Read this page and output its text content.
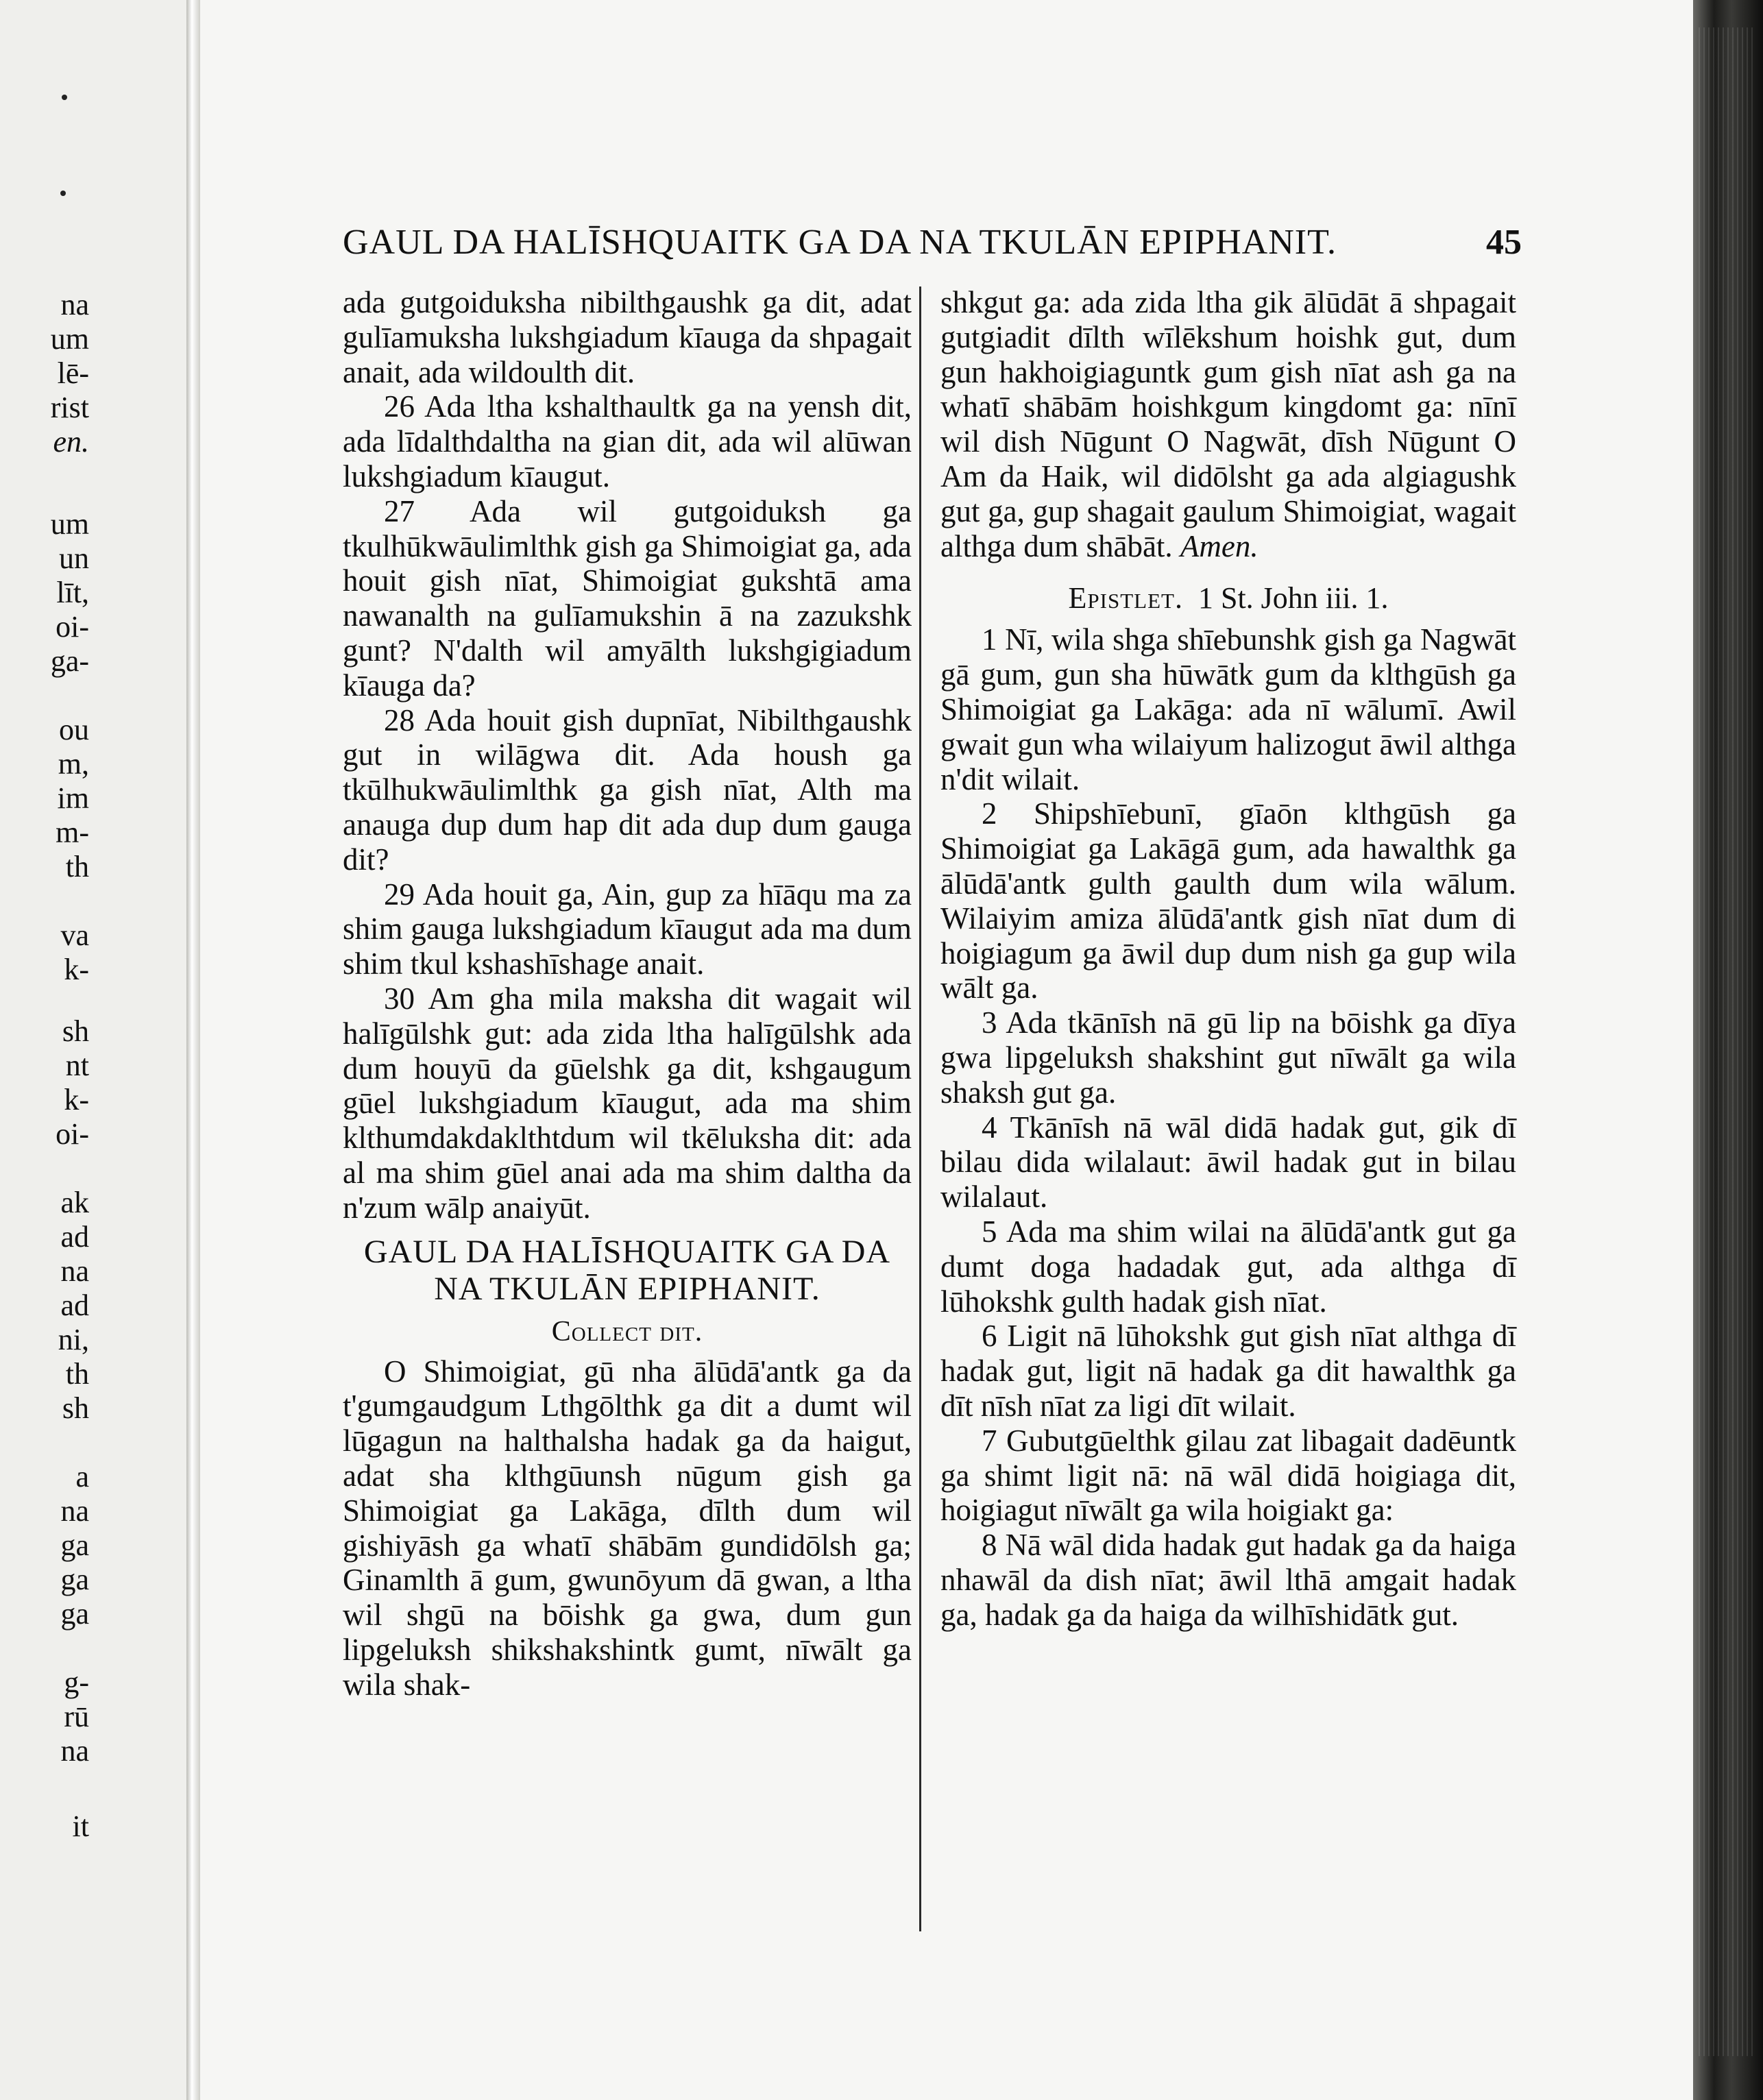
na
um
lē-
rist
en.
um
un
līt,
oi-
ga-
ou
m,
im
m-
th
va
k-
sh
nt
k-
oi-
ak
ad
na
ad
ni,
th
sh
a
na
ga
ga
ga
g-
rū
na
it
GAUL DA HALĪSHQUAITK GA DA NA TKULĀN EPIPHANIT.	45

ada gutgoiduksha nibilthgaushk ga dit, adat gulīamuksha lukshgiadum kīauga da shpagait anait, ada wildoulth dit.

26 Ada ltha kshalthaultk ga na yensh dit, ada līdalthdaltha na gian dit, ada wil alūwan lukshgiadum kīaugut.

27 Ada wil gutgoiduksh ga tkulhūkwāulimlthk gish ga Shimoigiat ga, ada houit gish nīat, Shimoigiat gukshtā ama nawanalth na gulīamukshin ā na zazukshk gunt? N'dalth wil amyālth lukshgigiadum kīauga da?

28 Ada houit gish dupnīat, Nibilthgaushk gut in wilāgwa dit. Ada housh ga tkūlhukwāulimlthk ga gish nīat, Alth ma anauga dup dum hap dit ada dup dum gauga dit?

29 Ada houit ga, Ain, gup za hīāqu ma za shim gauga lukshgiadum kīaugut ada ma dum shim tkul kshashīshage anait.

30 Am gha mila maksha dit wagait wil halīgūlshk gut: ada zida ltha halīgūlshk ada dum houyū da gūelshk ga dit, kshgaugum gūel lukshgiadum kīaugut, ada ma shim klthumdakdaklthtdum wil tkēluksha dit: ada al ma shim gūel anai ada ma shim daltha da n'zum wālp anaiyūt.

GAUL DA HALĪSHQUAITK GA DA NA TKULĀN EPIPHANIT.
Collect dit.

O Shimoigiat, gū nha ālūdā'antk ga da t'gumgaudgum Lthgōlthk ga dit a dumt wil lūgagun na halthalsha hadak ga da haigut, adat sha klthgūunsh nūgum gish ga Shimoigiat ga Lakāga, dīlth dum wil gishiyāsh ga whatī shābām gundidōlsh ga; Ginamlth ā gum, gwunōyum dā gwan, a ltha wil shgū na bōishk ga gwa, dum gun lipgeluksh shikshakshintk gumt, nīwālt ga wila shak-

shkgut ga: ada zida ltha gik ālūdāt ā shpagait gutgiadit dīlth wīlēkshum hoishk gut, dum gun hakhoigiaguntk gum gish nīat ash ga na whatī shābām hoishkgum kingdomt ga: nīnī wil dish Nūgunt O Nagwāt, dīsh Nūgunt O Am da Haik, wil didōlsht ga ada algiagushk gut ga, gup shagait gaulum Shimoigiat, wagait althga dum shābāt. Amen.

Epistlet. 1 St. John iii. 1.

1 Nī, wila shga shīebunshk gish ga Nagwāt gā gum, gun sha hūwātk gum da klthgūsh ga Shimoigiat ga Lakāga: ada nī wālumī. Awil gwait gun wha wilaiyum halizogut āwil althga n'dit wilait.

2 Shipshīebunī, gīaōn klthgūsh ga Shimoigiat ga Lakāgā gum, ada hawalthk ga ālūdā'antk gulth gaulth dum wila wālum. Wilaiyim amiza ālūdā'antk gish nīat dum di hoigiagum ga āwil dup dum nish ga gup wila wālt ga.

3 Ada tkānīsh nā gū lip na bōishk ga dīya gwa lipgeluksh shakshint gut nīwālt ga wila shaksh gut ga.

4 Tkānīsh nā wāl didā hadak gut, gik dī bilau dida wilalaut: āwil hadak gut in bilau wilalaut.

5 Ada ma shim wilai na ālūdā'antk gut ga dumt doga hadadak gut, ada althga dī lūhokshk gulth hadak gish nīat.

6 Ligit nā lūhokshk gut gish nīat althga dī hadak gut, ligit nā hadak ga dit hawalthk ga dīt nīsh nīat za ligi dīt wilait.

7 Gubutgūelthk gilau zat libagait dadēuntk ga shimt ligit nā: nā wāl didā hoigiaga dit, hoigiagut nīwālt ga wila hoigiakt ga:

8 Nā wāl dida hadak gut hadak ga da haiga nhawāl da dish nīat; āwil lthā amgait hadak ga, hadak ga da haiga da wilhīshidātk gut.
